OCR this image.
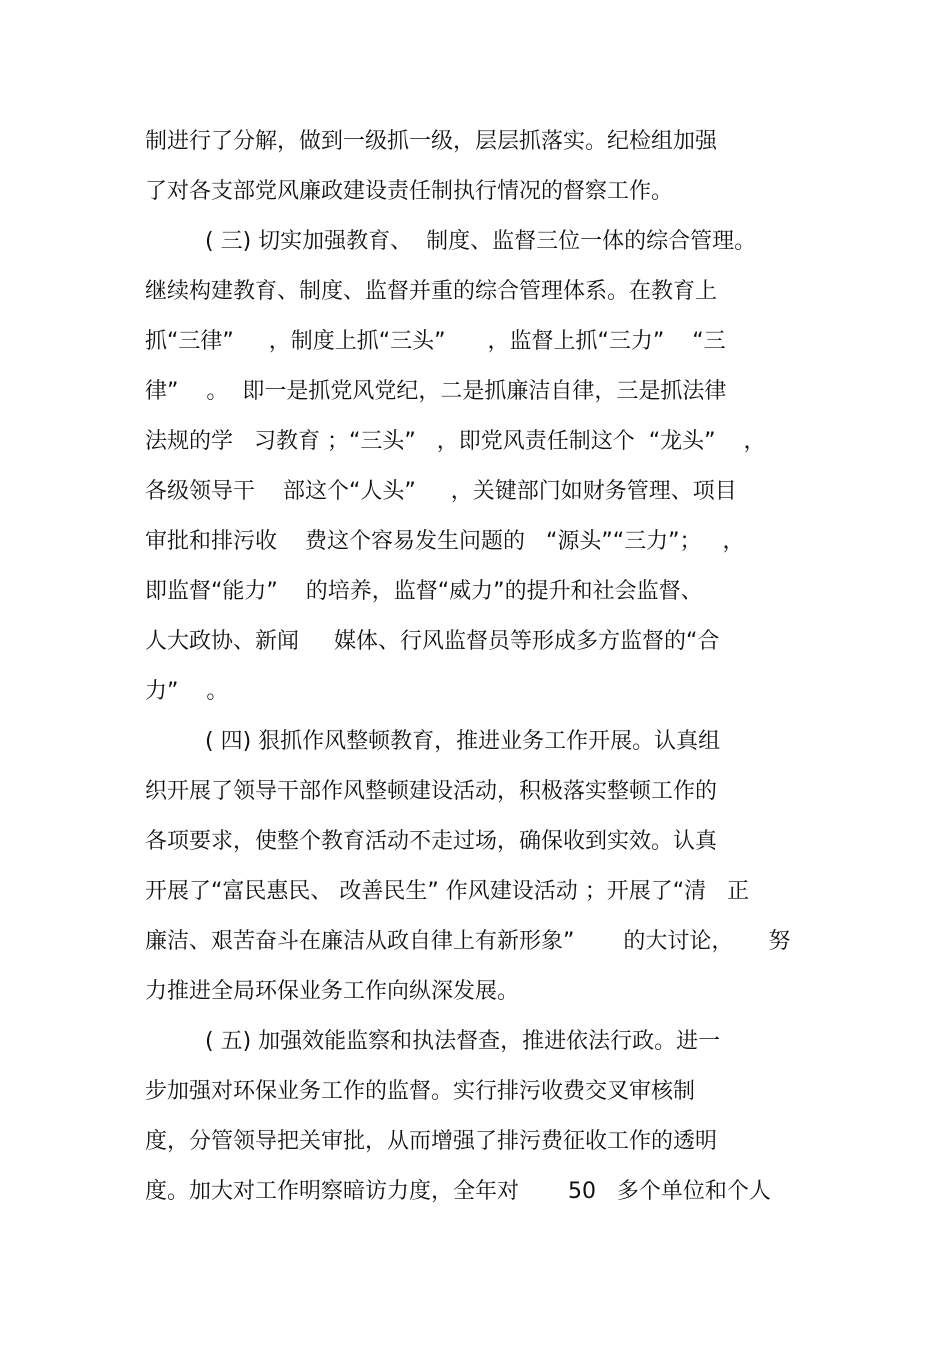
制进行了分解，做到一级抓一级，层层抓落实。纪检组加强
了对各支部党风廉政建设责任制执行情况的督察工作。
( 三) 切实加强教育、  制度、监督三位一体的综合管理。
继续构建教育、制度、监督并重的综合管理体系。在教育上
抓“三律”     ，制度上抓“三头”      ，监督上抓“三力”    “三
律”    。  即一是抓党风党纪，二是抓廉洁自律，三是抓法律
法规的学   习教育 ；“三头”   ，即党风责任制这个  “龙头”    ，
各级领导干    部这个“人头”     ，关键部门如财务管理、项目
审批和排污收    费这个容易发生问题的   “源头”“三力”；   ，
即监督“能力”    的培养，监督“威力”的提升和社会监督、
人大政协、新闻     媒体、行风监督员等形成多方监督的“合
力”    。
( 四) 狠抓作风整顿教育，推进业务工作开展。认真组
织开展了领导干部作风整顿建设活动，积极落实整顿工作的
各项要求，使整个教育活动不走过场，确保收到实效。认真
开展了“富民惠民、 改善民生” 作风建设活动 ；开展了“清   正
廉洁、艰苦奋斗在廉洁从政自律上有新形象”       的大讨论，     努
力推进全局环保业务工作向纵深发展。
( 五) 加强效能监察和执法督查，推进依法行政。进一
步加强对环保业务工作的监督。实行排污收费交叉审核制
度，分管领导把关审批，从而增强了排污费征收工作的透明
度。加大对工作明察暗访力度，全年对       50   多个单位和个人
